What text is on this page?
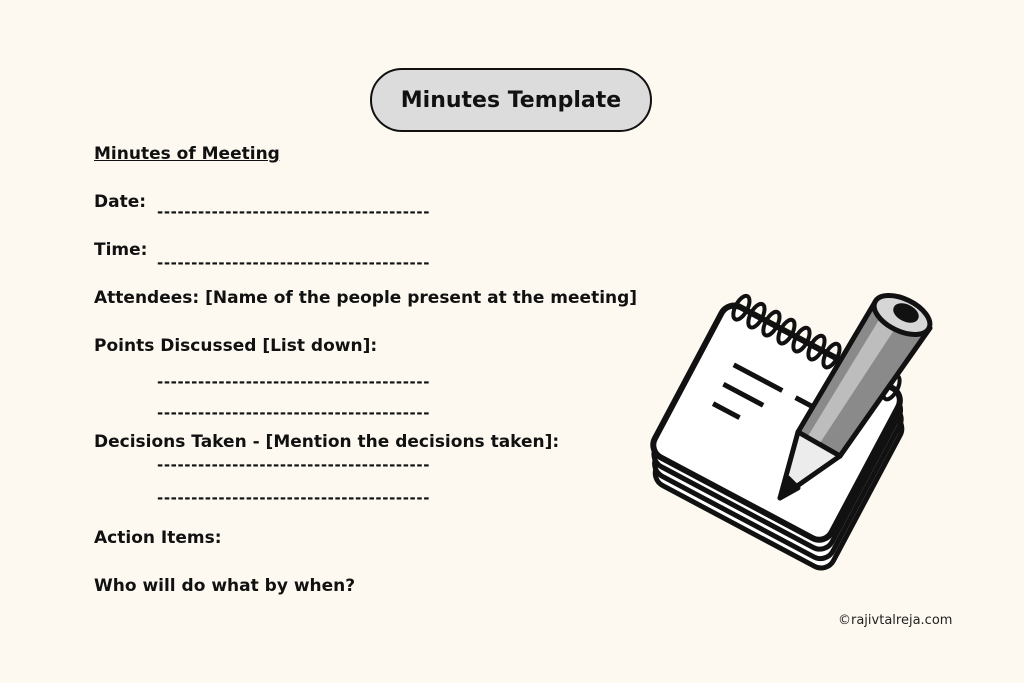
Minutes Template
Minutes of Meeting
Date: ----------------------------------------
Time:
----------------------------------------
Attendees: [Name of the people present at the meeting]
Points Discussed [List down]:
----------------------------------------
----------------------------------------
Decisions Taken - [Mention the decisions taken]:
----------------------------------------
----------------------------------------
Action Items:
Who will do what by when?
©rajivtalreja.com
